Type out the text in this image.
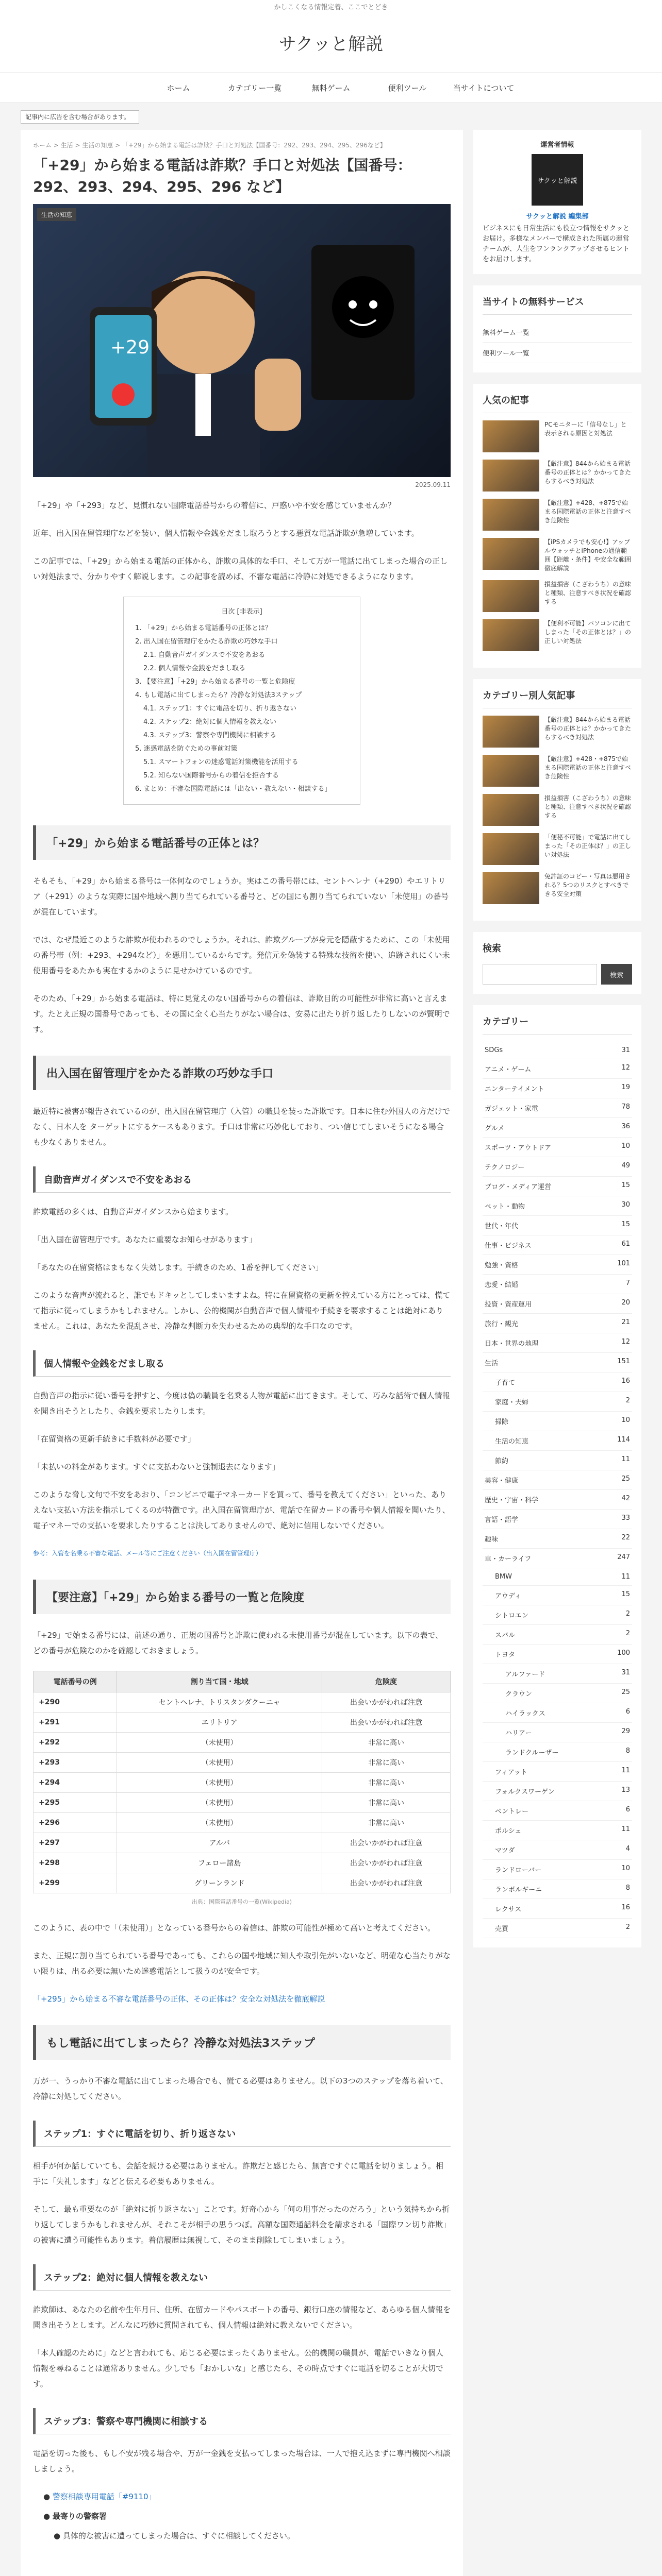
かしこくなる情報定着、ここでとどき
サクッと解説
ホーム	カテゴリー一覧	無料ゲーム	便利ツール	当サイトについて
記事内に広告を含む場合があります。
ホーム > 生活 > 生活の知恵 > 「+29」から始まる電話は詐欺？手口と対処法【国番号：292、293、294、295、296など】
「+29」から始まる電話は詐欺？手口と対処法【国番号：292、293、294、295、296 など】
生活の知恵
+29
2025.09.11

「+29」や「+293」など、見慣れない国際電話番号からの着信に、戸惑いや不安を感じていませんか？

近年、出入国在留管理庁などを装い、個人情報や金銭をだまし取ろうとする悪質な電話詐欺が急増しています。

この記事では、「+29」から始まる電話の正体から、詐欺の具体的な手口、そして万が一電話に出てしまった場合の正しい対処法まで、分かりやすく解説します。この記事を読めば、不審な電話に冷静に対処できるようになります。

目次 [非表示]
1. 「+29」から始まる電話番号の正体とは？
2. 出入国在留管理庁をかたる詐欺の巧妙な手口
2.1. 自動音声ガイダンスで不安をあおる
2.2. 個人情報や金銭をだまし取る
3. 【要注意】「+29」から始まる番号の一覧と危険度
4. もし電話に出てしまったら？冷静な対処法3ステップ
4.1. ステップ1：すぐに電話を切り、折り返さない
4.2. ステップ2：絶対に個人情報を教えない
4.3. ステップ3：警察や専門機関に相談する
5. 迷惑電話を防ぐための事前対策
5.1. スマートフォンの迷惑電話対策機能を活用する
5.2. 知らない国際番号からの着信を拒否する
6. まとめ：不審な国際電話には「出ない・教えない・相談する」
「+29」から始まる電話番号の正体とは？

そもそも、「+29」から始まる番号は一体何なのでしょうか。実はこの番号帯には、セントヘレナ（+290）やエリトリア（+291）のような実際に国や地域へ割り当てられている番号と、どの国にも割り当てられていない「未使用」の番号が混在しています。

では、なぜ最近このような詐欺が使われるのでしょうか。それは、詐欺グループが身元を隠蔽するために、この「未使用の番号帯（例：+293、+294など）」を悪用しているからです。発信元を偽装する特殊な技術を使い、追跡されにくい未使用番号をあたかも実在するかのように見せかけているのです。

そのため、「+29」から始まる電話は、特に見覚えのない国番号からの着信は、詐欺目的の可能性が非常に高いと言えます。たとえ正規の国番号であっても、その国に全く心当たりがない場合は、安易に出たり折り返したりしないのが賢明です。

出入国在留管理庁をかたる詐欺の巧妙な手口

最近特に被害が報告されているのが、出入国在留管理庁（入管）の職員を装った詐欺です。日本に住む外国人の方だけでなく、日本人を ターゲットにするケースもあります。手口は非常に巧妙化しており、つい信じてしまいそうになる場合も少なくありません。

自動音声ガイダンスで不安をあおる

詐欺電話の多くは、自動音声ガイダンスから始まります。

「出入国在留管理庁です。あなたに重要なお知らせがあります」

「あなたの在留資格はまもなく失効します。手続きのため、1番を押してください」

このような音声が流れると、誰でもドキッとしてしまいますよね。特に在留資格の更新を控えている方にとっては、慌てて指示に従ってしまうかもしれません。しかし、公的機関が自動音声で個人情報や手続きを要求することは絶対にありません。これは、あなたを混乱させ、冷静な判断力を失わせるための典型的な手口なのです。

個人情報や金銭をだまし取る

自動音声の指示に従い番号を押すと、今度は偽の職員を名乗る人物が電話に出てきます。そして、巧みな話術で個人情報を聞き出そうとしたり、金銭を要求したりします。

「在留資格の更新手続きに手数料が必要です」

「未払いの料金があります。すぐに支払わないと強制退去になります」

このような脅し文句で不安をあおり、「コンビニで電子マネーカードを買って、番号を教えてください」といった、ありえない支払い方法を指示してくるのが特徴です。出入国在留管理庁が、電話で在留カードの番号や個人情報を聞いたり、電子マネーでの支払いを要求したりすることは決してありませんので、絶対に信用しないでください。

参考：入管を名乗る不審な電話、メール等にご注意ください（出入国在留管理庁）

【要注意】「+29」から始まる番号の一覧と危険度

「+29」で始まる番号には、前述の通り、正規の国番号と詐欺に使われる未使用番号が混在しています。以下の表で、どの番号が危険なのかを確認しておきましょう。

電話番号の例	割り当て国・地域	危険度
+290	セントヘレナ、トリスタンダクーニャ	出会いかがわれば注意
+291	エリトリア	出会いかがわれば注意
+292	（未使用）	非常に高い
+293	（未使用）	非常に高い
+294	（未使用）	非常に高い
+295	（未使用）	非常に高い
+296	（未使用）	非常に高い
+297	アルバ	出会いかがわれば注意
+298	フェロー諸島	出会いかがわれば注意
+299	グリーンランド	出会いかがわれば注意
出典：国際電話番号の一覧(Wikipedia)

このように、表の中で「（未使用）」となっている番号からの着信は、詐欺の可能性が極めて高いと考えてください。

また、正規に割り当てられている番号であっても、これらの国や地域に知人や取引先がいないなど、明確な心当たりがない限りは、出る必要は無いため迷惑電話として扱うのが安全です。

「+295」から始まる不審な電話番号の正体、その正体は？安全な対処法を徹底解説

もし電話に出てしまったら？冷静な対処法3ステップ

万が一、うっかり不審な電話に出てしまった場合でも、慌てる必要はありません。以下の3つのステップを落ち着いて、冷静に対処してください。

ステップ1：すぐに電話を切り、折り返さない

相手が何か話していても、会話を続ける必要はありません。詐欺だと感じたら、無言ですぐに電話を切りましょう。相手に「失礼します」などと伝える必要もありません。

そして、最も重要なのが「絶対に折り返さない」ことです。好奇心から「何の用事だったのだろう」という気持ちから折り返してしまうかもしれませんが、それこそが相手の思うつぼ。高額な国際通話料金を請求される「国際ワン切り詐欺」の被害に遭う可能性もあります。着信履歴は無視して、そのまま削除してしまいましょう。

ステップ2：絶対に個人情報を教えない

詐欺師は、あなたの名前や生年月日、住所、在留カードやパスポートの番号、銀行口座の情報など、あらゆる個人情報を聞き出そうとします。どんなに巧妙に質問されても、個人情報は絶対に教えないでください。

「本人確認のために」などと言われても、応じる必要はまったくありません。公的機関の職員が、電話でいきなり個人情報を尋ねることは通常ありません。少しでも「おかしいな」と感じたら、その時点ですぐに電話を切ることが大切です。

ステップ3：警察や専門機関に相談する

電話を切った後も、もし不安が残る場合や、万が一金銭を支払ってしまった場合は、一人で抱え込まずに専門機関へ相談しましょう。

● 警察相談専用電話「#9110」
● 最寄りの警察署
● 具体的な被害に遭ってしまった場合は、すぐに相談してください。
運営者情報
サクッと解説
サクッと解説 編集部
ビジネスにも日常生活にも役立つ情報をサクッとお届け。多様なメンバーで構成された所属の運営チームが、人生をワンランクアップさせるヒントをお届けします。
当サイトの無料サービス
無料ゲーム一覧
便利ツール一覧
人気の記事
PCモニターに「信号なし」と表示される原因と対処法
【厳注意】844から始まる電話番号の正体とは？かかってきたらするべき対処法
【厳注意】+428、+875で始まる国際電話の正体と注意すべき危険性
【iPSカメラでも安心!】アップルウォッチとiPhoneの通信範囲【距離・条件】や安全な範囲徹底解説
損益損害（こざわうち）の意味と種類、注意すべき状況を確認する
【便利不可能】パソコンに出てしまった「その正体とは？」の正しい対処法
カテゴリー別人気記事
【厳注意】844から始まる電話番号の正体とは？かかってきたらするべき対処法
【厳注意】+428・+875で始まる国際電話の正体と注意すべき危険性
損益損害（こざわうち）の意味と種類、注意すべき状況を確認する
「便秘不可能」で電話に出てしまった「その正体は？」の正しい対処法
免許証のコピー・写真は悪用される？5つのリスクとすべきできる安全対策
検索
検索
カテゴリー
SDGs	31
アニメ・ゲーム	12
エンターテイメント	19
ガジェット・家電	78
グルメ	36
スポーツ・アウトドア	10
テクノロジー	49
ブログ・メディア運営	15
ペット・動物	30
世代・年代	15
仕事・ビジネス	61
勉強・資格	101
恋愛・結婚	7
投資・資産運用	20
旅行・観光	21
日本・世界の地理	12
生活	151
子育て	16
家庭・夫婦	2
掃除	10
生活の知恵	114
節約	11
美容・健康	25
歴史・宇宙・科学	42
言語・語学	33
趣味	22
車・カーライフ	247
BMW	11
アウディ	15
シトロエン	2
スバル	2
トヨタ	100
アルファード	31
クラウン	25
ハイラックス	6
ハリアー	29
ランドクルーザー	8
フィアット	11
フォルクスワーゲン	13
ベントレー	6
ポルシェ	11
マツダ	4
ランドローバー	10
ランボルギーニ	8
レクサス	16
売買	2
